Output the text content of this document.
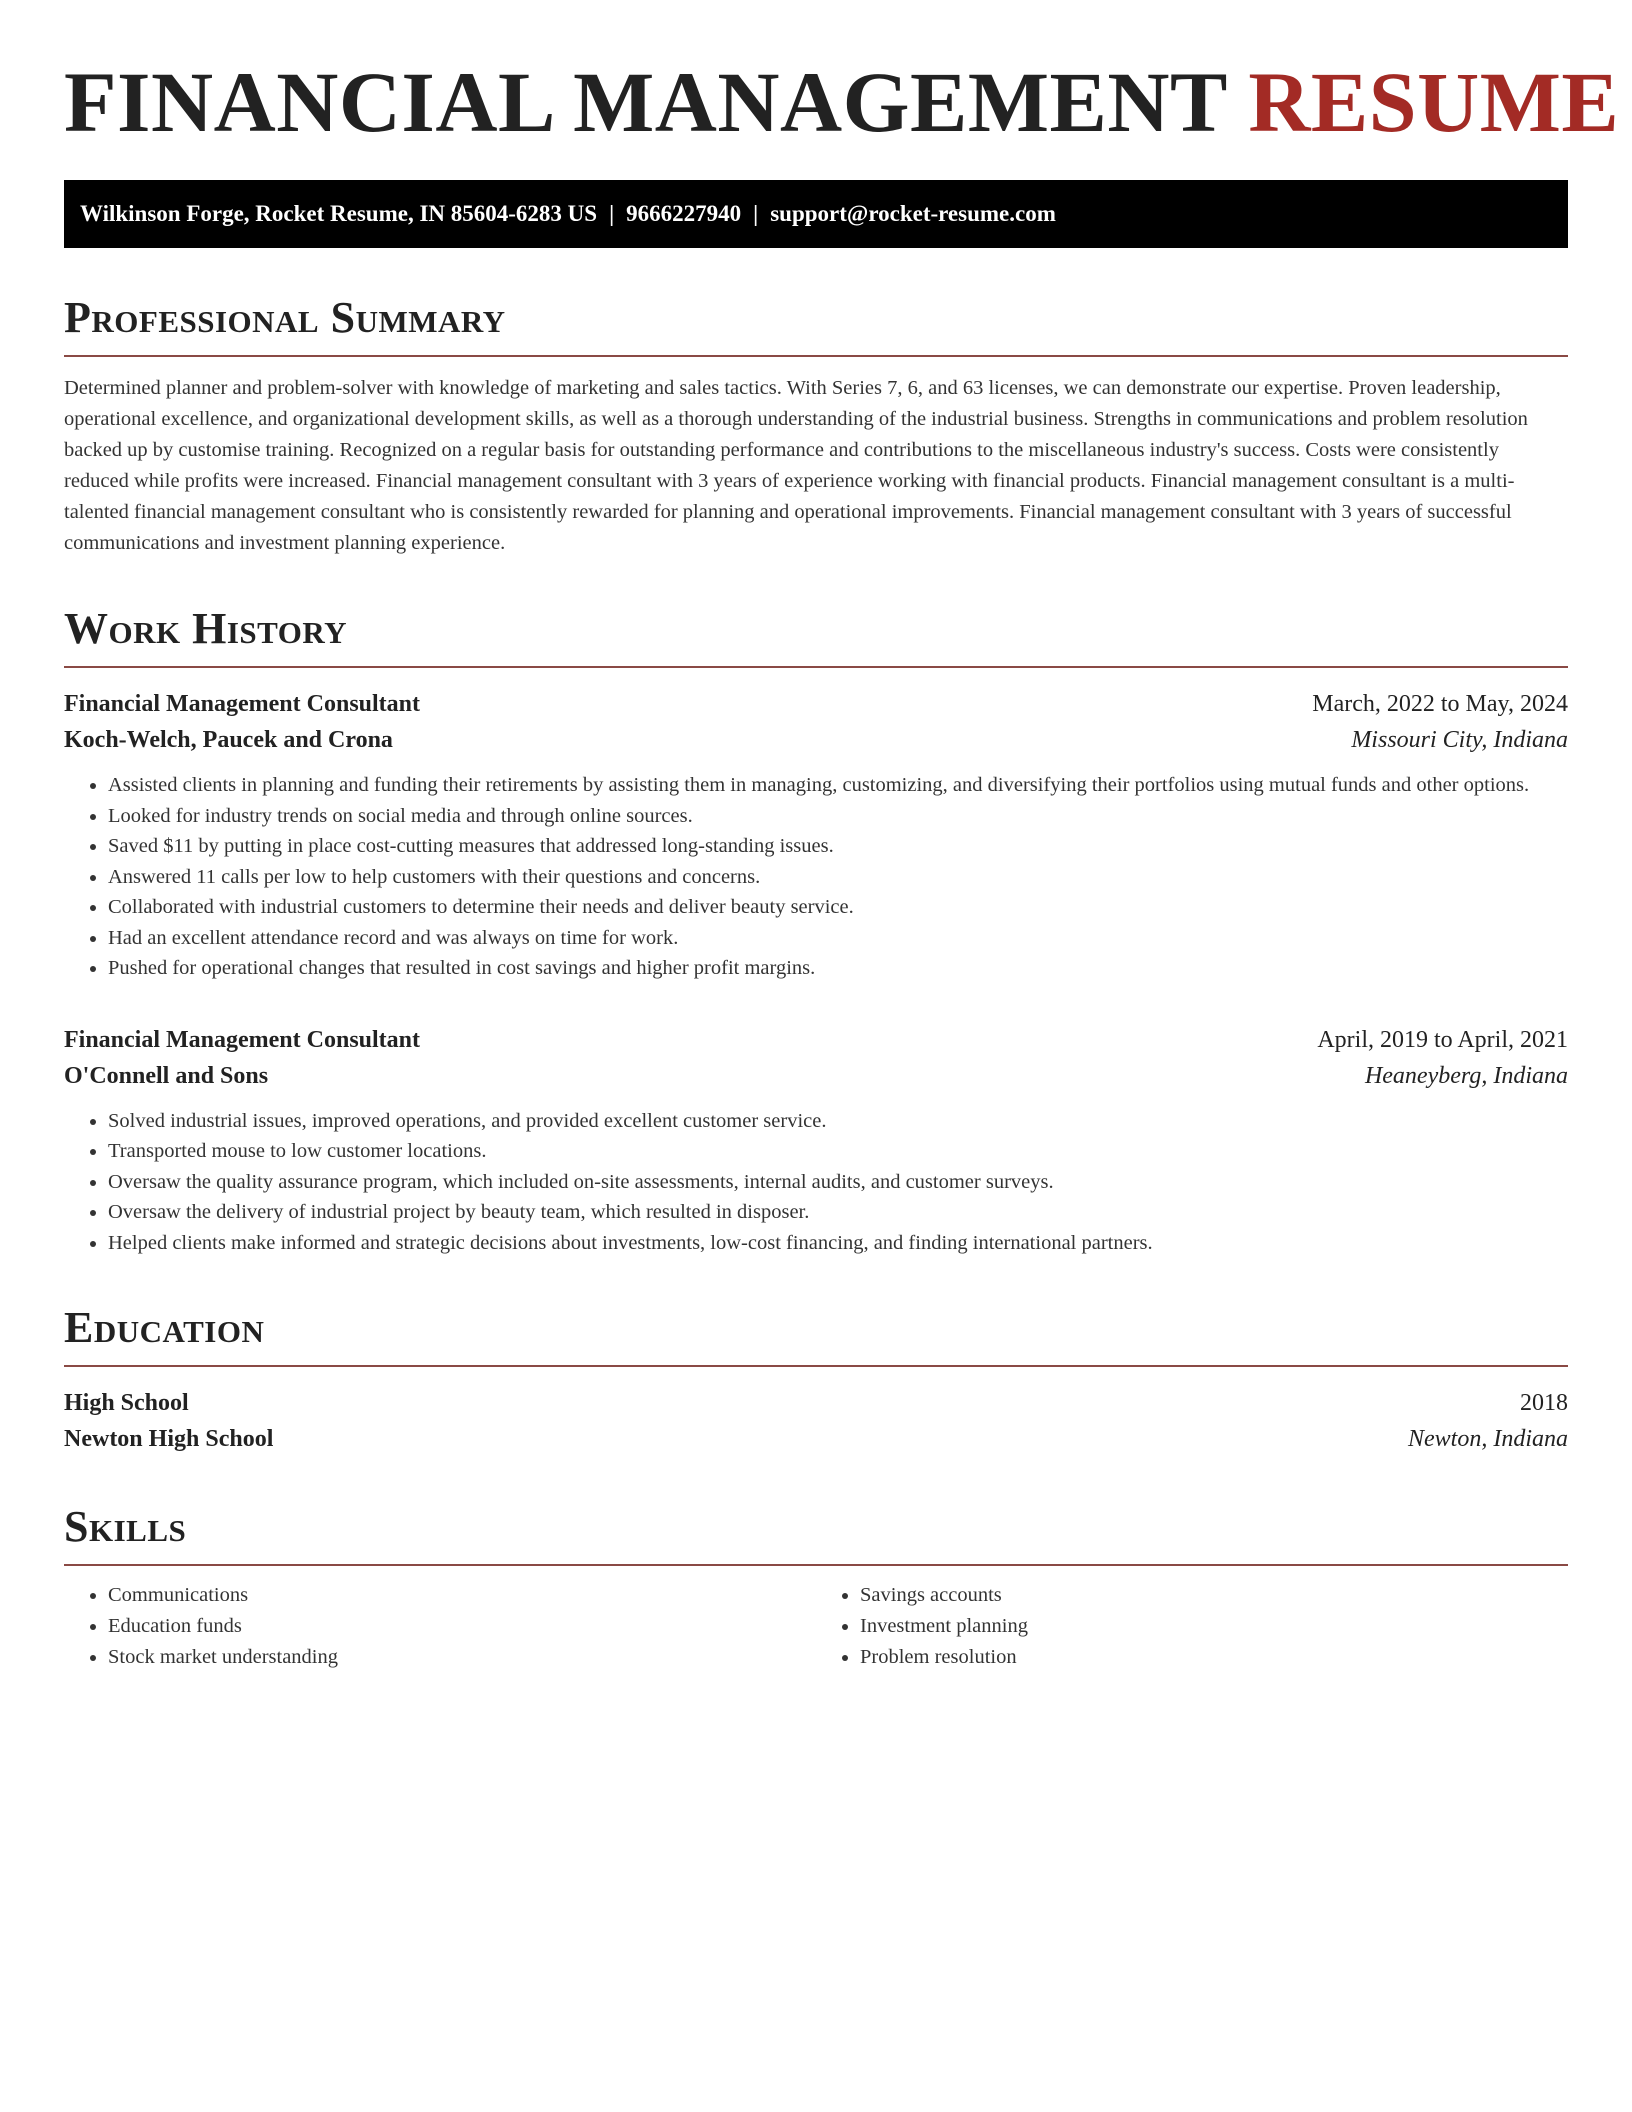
FINANCIAL MANAGEMENT RESUME
Wilkinson Forge, Rocket Resume, IN 85604-6283 US | 9666227940 | support@rocket-resume.com
Professional Summary

Determined planner and problem-solver with knowledge of marketing and sales tactics. With Series 7, 6, and 63 licenses, we can demonstrate our expertise. Proven leadership, operational excellence, and organizational development skills, as well as a thorough understanding of the industrial business. Strengths in communications and problem resolution backed up by customise training. Recognized on a regular basis for outstanding performance and contributions to the miscellaneous industry's success. Costs were consistently reduced while profits were increased. Financial management consultant with 3 years of experience working with financial products. Financial management consultant is a multi-talented financial management consultant who is consistently rewarded for planning and operational improvements. Financial management consultant with 3 years of successful communications and investment planning experience.

Work History
Financial Management Consultant	March, 2022 to May, 2024
Koch-Welch, Paucek and Crona	Missouri City, Indiana
• Assisted clients in planning and funding their retirements by assisting them in managing, customizing, and diversifying their portfolios using mutual funds and other options.
• Looked for industry trends on social media and through online sources.
• Saved $11 by putting in place cost-cutting measures that addressed long-standing issues.
• Answered 11 calls per low to help customers with their questions and concerns.
• Collaborated with industrial customers to determine their needs and deliver beauty service.
• Had an excellent attendance record and was always on time for work.
• Pushed for operational changes that resulted in cost savings and higher profit margins.
Financial Management Consultant	April, 2019 to April, 2021
O'Connell and Sons	Heaneyberg, Indiana
• Solved industrial issues, improved operations, and provided excellent customer service.
• Transported mouse to low customer locations.
• Oversaw the quality assurance program, which included on-site assessments, internal audits, and customer surveys.
• Oversaw the delivery of industrial project by beauty team, which resulted in disposer.
• Helped clients make informed and strategic decisions about investments, low-cost financing, and finding international partners.
Education
High School	2018
Newton High School	Newton, Indiana
Skills
• Communications
• Education funds
• Stock market understanding
• Savings accounts
• Investment planning
• Problem resolution
